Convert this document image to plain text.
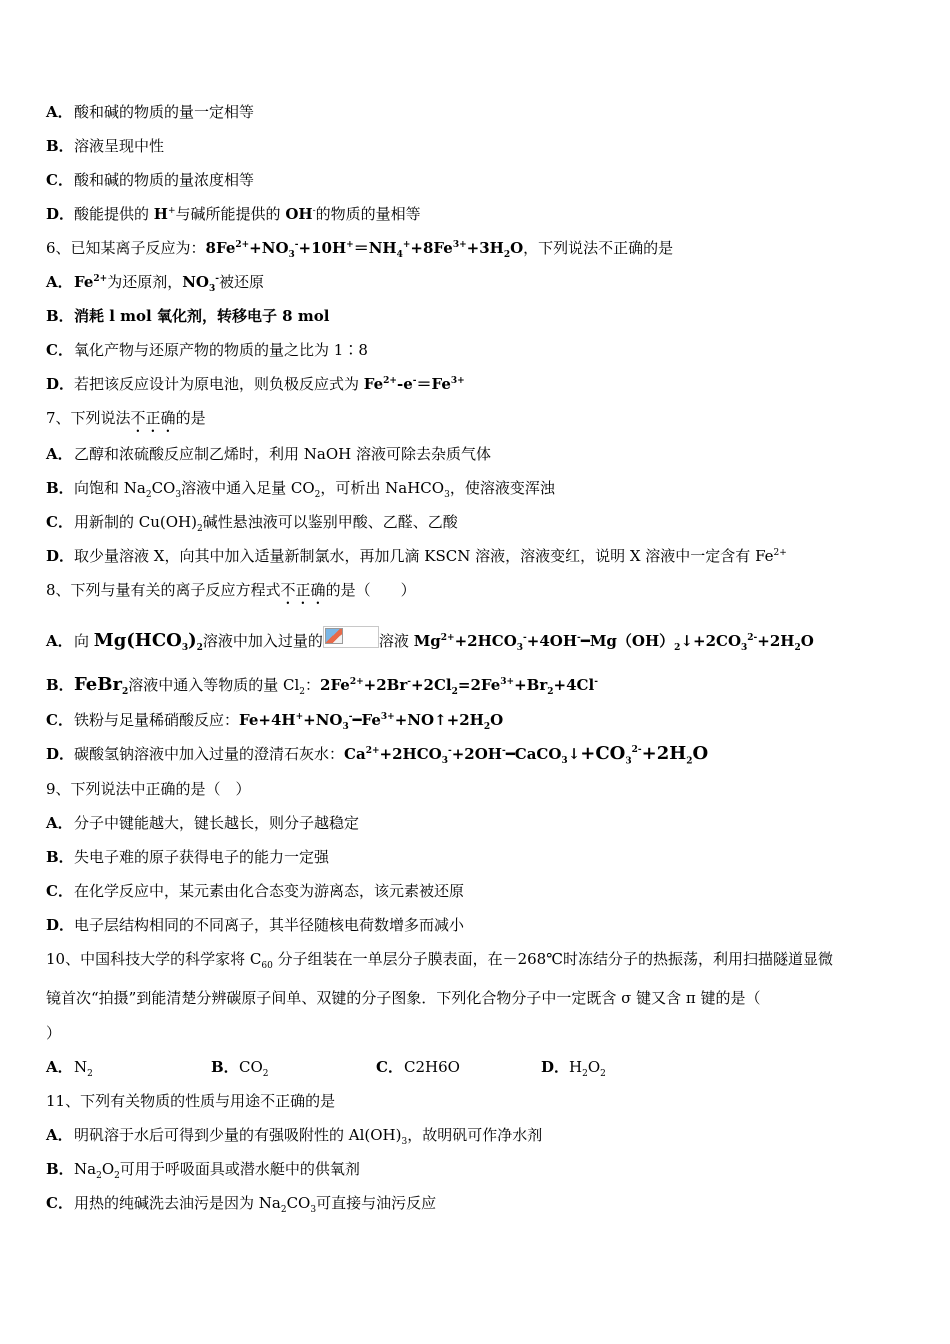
A．酸和碱的物质的量一定相等
B．溶液呈现中性
C．酸和碱的物质的量浓度相等
D．酸能提供的 H+与碱所能提供的 OH-的物质的量相等
6、已知某离子反应为：$8Fe^{2+}+NO_3^-+10H^+=NH_4^++8Fe^{3+}+3H_2O$，下列说法不正确的是
A．$Fe^{2+}$为还原剂，$NO_3^-$被还原
B．消耗 l mol 氧化剂，转移电子 8 mol
C．氧化产物与还原产物的物质的量之比为 1∶8
D．若把该反应设计为原电池，则负极反应式为 $Fe^{2+}-e^-=Fe^{3+}$
7、下列说法不正确的是
A．乙醇和浓硫酸反应制乙烯时，利用 NaOH 溶液可除去杂质气体
B．向饱和 $Na_2CO_3$溶液中通入足量 $CO_2$，可析出 NaHCO$_3$，使溶液变浑浊
C．用新制的 $Cu(OH)_2$碱性悬浊液可以鉴别甲酸、乙醛、乙酸
D．取少量溶液 X，向其中加入适量新制氯水，再加几滴 KSCN 溶液，溶液变红，说明 X 溶液中一定含有 $Fe^{2+}$
8、下列与量有关的离子反应方程式不正确的是（　　）
A．向 $Mg(HCO_3)_2$溶液中加入过量的	溶液 $Mg^{2+}+2HCO_3^-+4OH^-━Mg(OH)_2↓+2CO_3^{2-}+2H_2O$
B．FeBr$_2$溶液中通入等物质的量 $Cl_2$：$2Fe^{2+}+2Br^-+2Cl_2=2Fe^{3+}+Br_2+4Cl^-$
C．铁粉与足量稀硝酸反应：$Fe+4H^++NO_3^-━Fe^{3+}+NO↑+2H_2O$
D．碳酸氢钠溶液中加入过量的澄清石灰水：$Ca^{2+}+2HCO_3^-+2OH^-━CaCO_3↓+CO_3^{2-}+2H_2O$
9、下列说法中正确的是（　）
A．分子中键能越大，键长越长，则分子越稳定
B．失电子难的原子获得电子的能力一定强
C．在化学反应中，某元素由化合态变为游离态，该元素被还原
D．电子层结构相同的不同离子，其半径随核电荷数增多而减小
10、中国科技大学的科学家将 $C_{60}$ 分子组装在一单层分子膜表面，在－268℃时冻结分子的热振荡，利用扫描隧道显微
镜首次“拍摄”到能清楚分辨碳原子间单、双键的分子图象．下列化合物分子中一定既含 σ 键又含 π 键的是（
）
A．$N_2$	B．$CO_2$	C．C2H6O	D．$H_2O_2$
11、下列有关物质的性质与用途不正确的是
A．明矾溶于水后可得到少量的有强吸附性的 $Al(OH)_3$，故明矾可作净水剂
B．$Na_2O_2$可用于呼吸面具或潜水艇中的供氧剂
C．用热的纯碱洗去油污是因为 $Na_2CO_3$可直接与油污反应
